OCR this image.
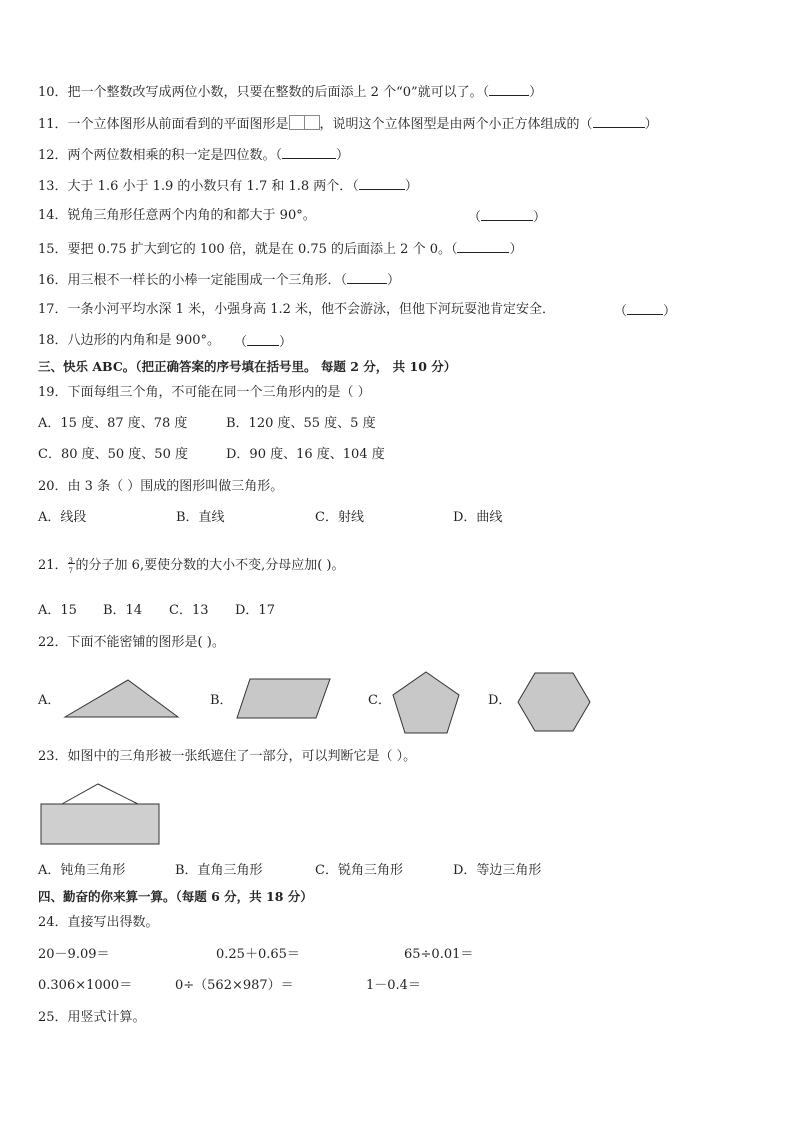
10．把一个整数改写成两位小数，只要在整数的后面添上 2 个“0”就可以了。（	）
11．一个立体图形从前面看到的平面图形是 ，说明这个立体图型是由两个小正方体组成的（	）
12．两个两位数相乘的积一定是四位数。（	）
13．大于 1.6 小于 1.9 的小数只有 1.7 和 1.8 两个．（	）
14．锐角三角形任意两个内角的和都大于 90°。	（	）
15．要把 0.75 扩大到它的 100 倍，就是在 0.75 的后面添上 2 个 0。（	）
16．用三根不一样长的小棒一定能围成一个三角形．（	）
17．一条小河平均水深 1 米，小强身高 1.2 米，他不会游泳，但他下河玩耍池肯定安全．	（	）
18．八边形的内角和是 900°。 （ ）
三、快乐 ABC。（把正确答案的序号填在括号里。 每题 2 分， 共 10 分）
19．下面每组三个角，不可能在同一个三角形内的是（ ）
A．15 度、87 度、78 度	B．120 度、55 度、5 度
C．80 度、50 度、50 度	D．90 度、16 度、104 度
20．由 3 条（ ）围成的图形叫做三角形。
A．线段	B．直线	C．射线	D．曲线
21． 3
7 的分子加 6,要使分数的大小不变,分母应加( )。
A．15 B．14 C．13 D．17
22．下面不能密铺的图形是( )。
A．	B．	C．	D．
23．如图中的三角形被一张纸遮住了一部分，可以判断它是（ ）。
A．钝角三角形	B．直角三角形	C．锐角三角形	D．等边三角形
四、勤奋的你来算一算。（每题 6 分，共 18 分）
24．直接写出得数。
20－9.09＝	0.25＋0.65＝	65÷0.01＝
0.306×1000＝	0÷（562×987）＝	1－0.4＝
25．用竖式计算。
